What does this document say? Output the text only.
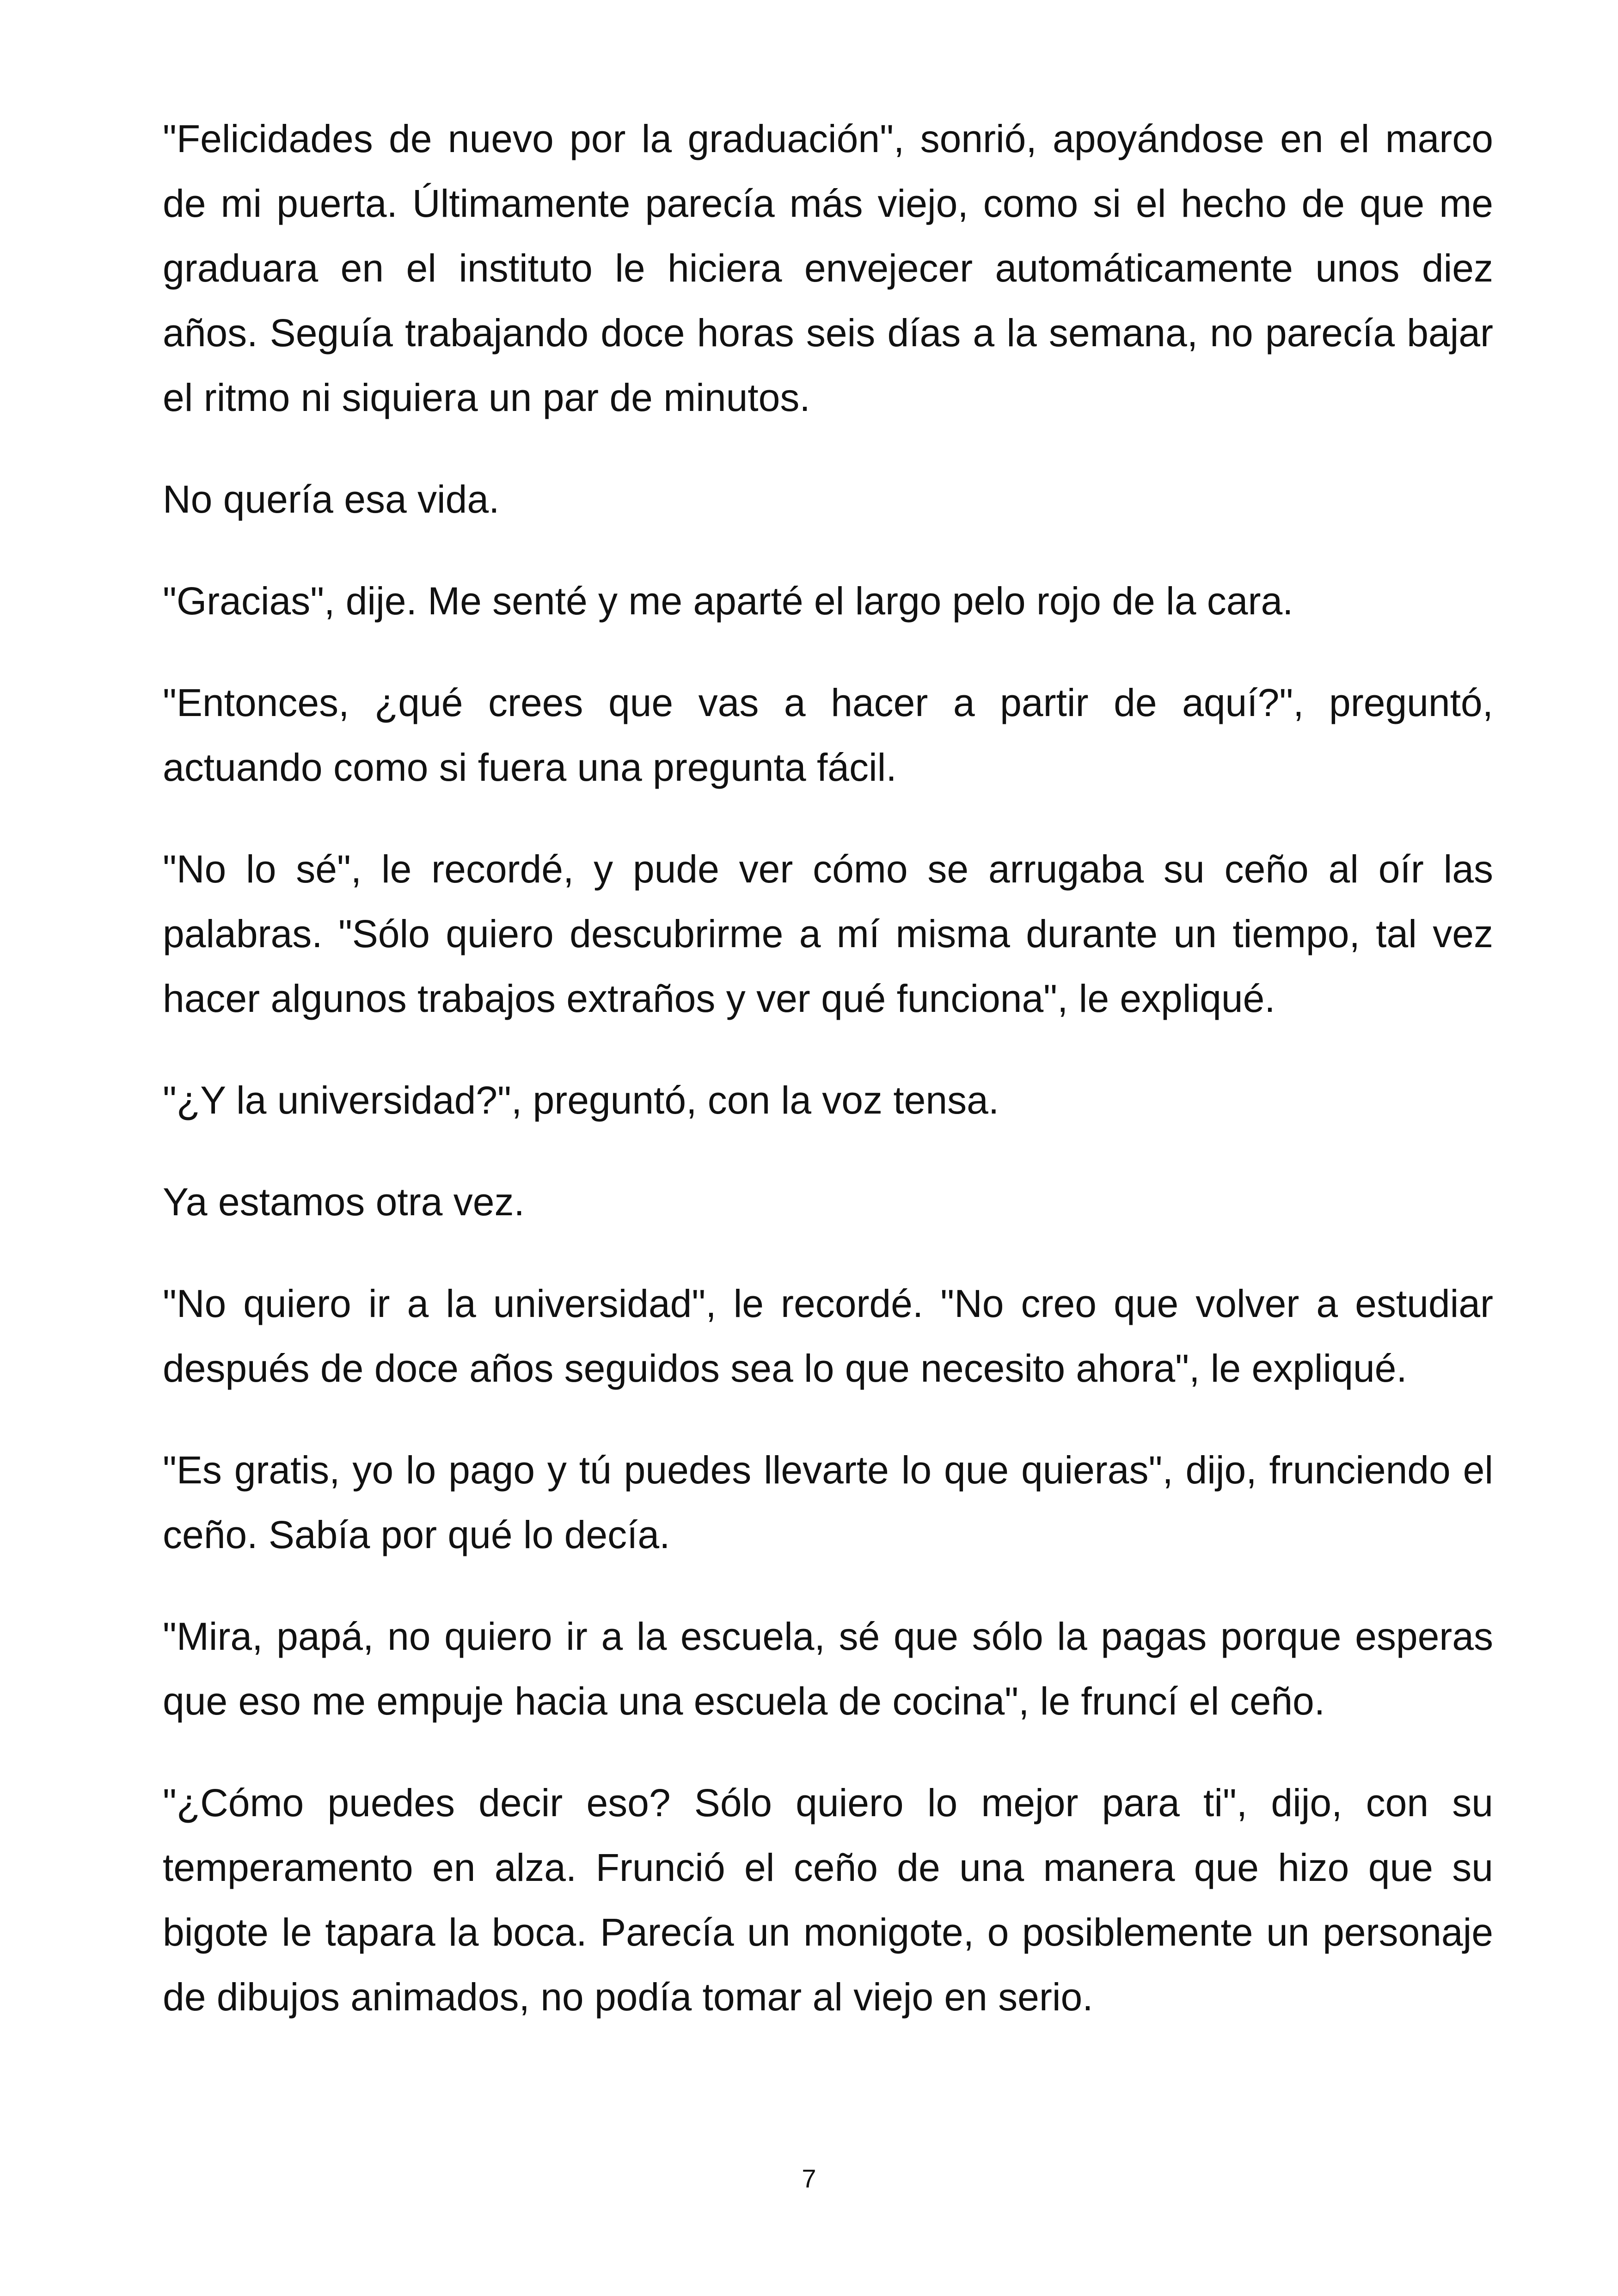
"Felicidades de nuevo por la graduación", sonrió, apoyándose en el marco de mi puerta. Últimamente parecía más viejo, como si el hecho de que me graduara en el instituto le hiciera envejecer automáticamente unos diez años. Seguía trabajando doce horas seis días a la semana, no parecía bajar el ritmo ni siquiera un par de minutos.

No quería esa vida.

"Gracias", dije. Me senté y me aparté el largo pelo rojo de la cara.

"Entonces, ¿qué crees que vas a hacer a partir de aquí?", preguntó, actuando como si fuera una pregunta fácil.

"No lo sé", le recordé, y pude ver cómo se arrugaba su ceño al oír las palabras. "Sólo quiero descubrirme a mí misma durante un tiempo, tal vez hacer algunos trabajos extraños y ver qué funciona", le expliqué.

"¿Y la universidad?", preguntó, con la voz tensa.

Ya estamos otra vez.

"No quiero ir a la universidad", le recordé. "No creo que volver a estudiar después de doce años seguidos sea lo que necesito ahora", le expliqué.

"Es gratis, yo lo pago y tú puedes llevarte lo que quieras", dijo, frunciendo el ceño. Sabía por qué lo decía.

"Mira, papá, no quiero ir a la escuela, sé que sólo la pagas porque esperas que eso me empuje hacia una escuela de cocina", le fruncí el ceño.

"¿Cómo puedes decir eso? Sólo quiero lo mejor para ti", dijo, con su temperamento en alza. Frunció el ceño de una manera que hizo que su bigote le tapara la boca. Parecía un monigote, o posiblemente un personaje de dibujos animados, no podía tomar al viejo en serio.

7
